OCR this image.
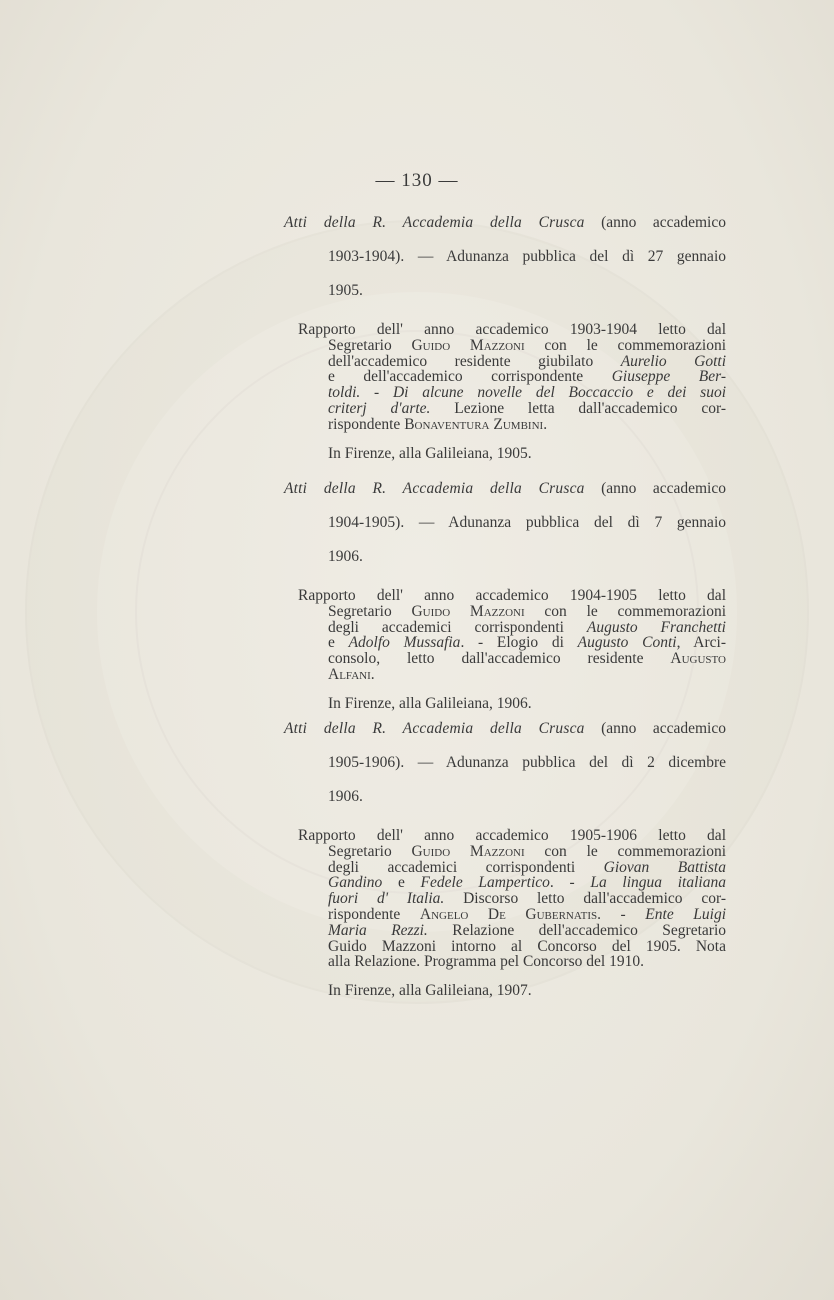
— 130 —
Atti della R. Accademia della Crusca (anno accademico
1903-1904). — Adunanza pubblica del dì 27 gennaio
1905.
Rapporto dell' anno accademico 1903-1904 letto dal
Segretario Guido Mazzoni con le commemorazioni
dell'accademico residente giubilato Aurelio Gotti
e dell'accademico corrispondente Giuseppe Ber-
toldi. - Di alcune novelle del Boccaccio e dei suoi
criterj d'arte. Lezione letta dall'accademico cor-
rispondente Bonaventura Zumbini.
In Firenze, alla Galileiana, 1905.
Atti della R. Accademia della Crusca (anno accademico
1904-1905). — Adunanza pubblica del dì 7 gennaio
1906.
Rapporto dell' anno accademico 1904-1905 letto dal
Segretario Guido Mazzoni con le commemorazioni
degli accademici corrispondenti Augusto Franchetti
e Adolfo Mussafia. - Elogio di Augusto Conti, Arci-
consolo, letto dall'accademico residente Augusto
Alfani.
In Firenze, alla Galileiana, 1906.
Atti della R. Accademia della Crusca (anno accademico
1905-1906). — Adunanza pubblica del dì 2 dicembre
1906.
Rapporto dell' anno accademico 1905-1906 letto dal
Segretario Guido Mazzoni con le commemorazioni
degli accademici corrispondenti Giovan Battista
Gandino e Fedele Lampertico. - La lingua italiana
fuori d' Italia. Discorso letto dall'accademico cor-
rispondente Angelo De Gubernatis. - Ente Luigi
Maria Rezzi. Relazione dell'accademico Segretario
Guido Mazzoni intorno al Concorso del 1905. Nota
alla Relazione. Programma pel Concorso del 1910.
In Firenze, alla Galileiana, 1907.
